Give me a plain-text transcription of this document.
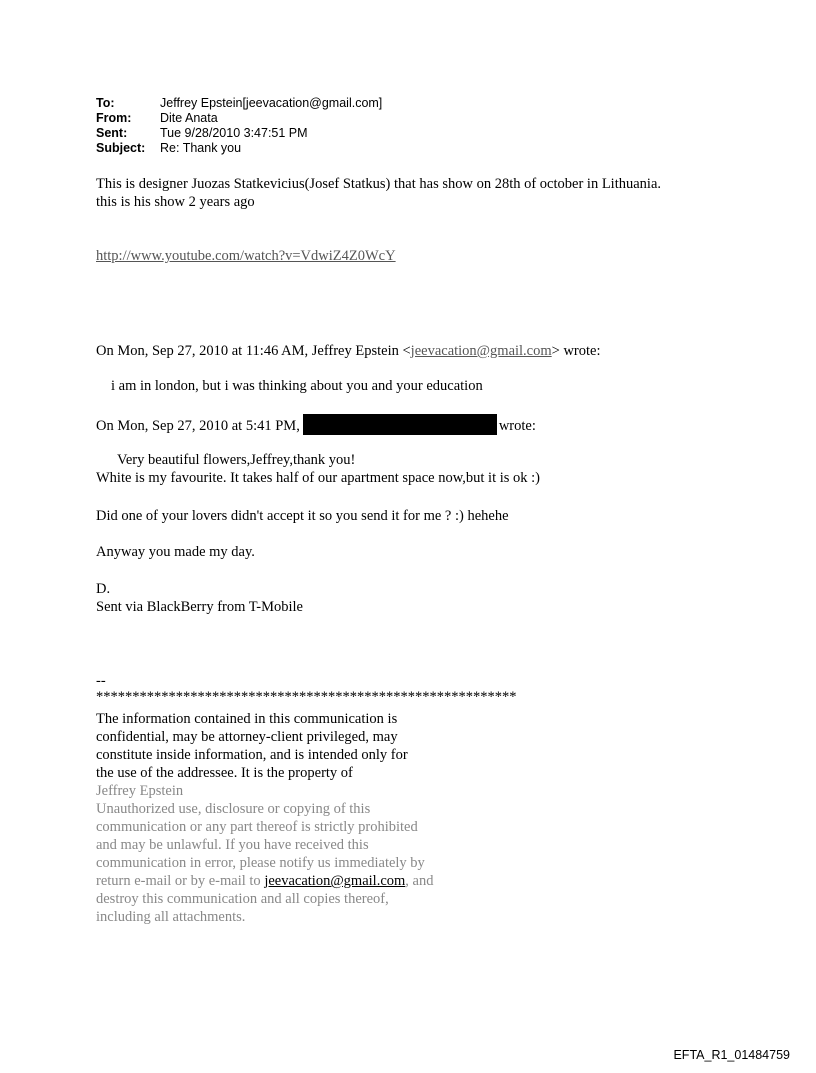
To:	Jeffrey Epstein[jeevacation@gmail.com]
From:	Dite Anata
Sent:	Tue 9/28/2010 3:47:51 PM
Subject:	Re: Thank you
This is designer Juozas Statkevicius(Josef Statkus) that has show on 28th of october in Lithuania.
this is his show 2 years ago
http://www.youtube.com/watch?v=VdwiZ4Z0WcY
On Mon, Sep 27, 2010 at 11:46 AM, Jeffrey Epstein <jeevacation@gmail.com> wrote:
i am in london, but i was thinking about you and your education
On Mon, Sep 27, 2010 at 5:41 PM,	wrote:
Very beautiful flowers,Jeffrey,thank you!
White is my favourite. It takes half of our apartment space now,but it is ok :)
Did one of your lovers didn't accept it so you send it for me ? :) hehehe
Anyway you made my day.
D.
Sent via BlackBerry from T-Mobile
--
**********************************************************
The information contained in this communication is
confidential, may be attorney-client privileged, may
constitute inside information, and is intended only for
the use of the addressee. It is the property of
Jeffrey Epstein
Unauthorized use, disclosure or copying of this
communication or any part thereof is strictly prohibited
and may be unlawful. If you have received this
communication in error, please notify us immediately by
return e-mail or by e-mail to jeevacation@gmail.com, and
destroy this communication and all copies thereof,
including all attachments.
EFTA_R1_01484759
